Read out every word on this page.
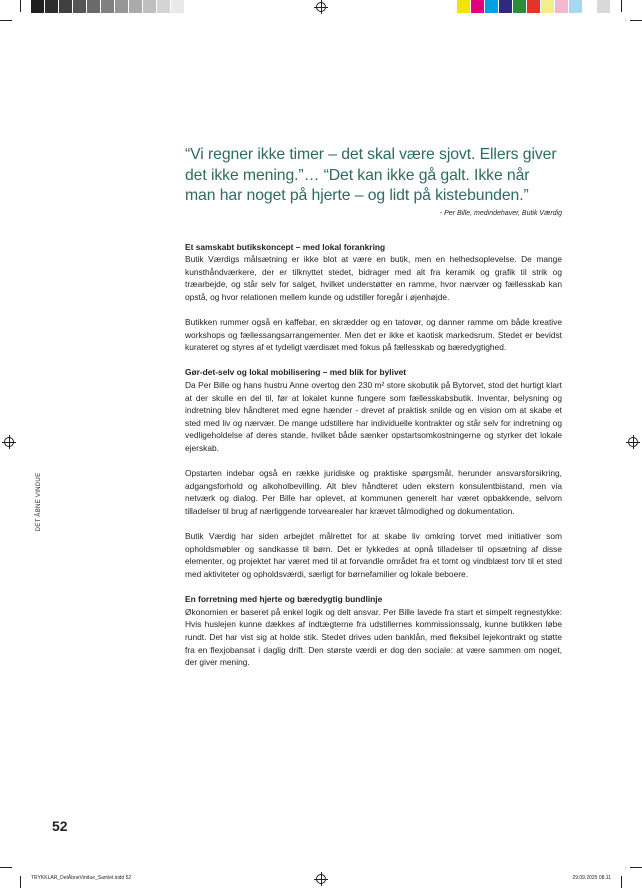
TRYKKLAR_DetÅbneVindue_Samlet.indd 52	29.09.2025 08.11
DET ÅBNE VINDUE
52

“Vi regner ikke timer – det skal være sjovt. Ellers giver det ikke mening.”… “Det kan ikke gå galt. Ikke når man har noget på hjerte – og lidt på kistebunden.”

- Per Bille, medindehaver, Butik Værdig

Et samskabt butikskoncept – med lokal forankring

Butik Værdigs målsætning er ikke blot at være en butik, men en helhedsoplevelse. De mange kunsthåndværkere, der er tilknyttet stedet, bidrager med alt fra keramik og grafik til strik og træarbejde, og står selv for salget, hvilket understøtter en ramme, hvor nærvær og fællesskab kan opstå, og hvor relationen mellem kunde og udstiller foregår i øjenhøjde.

Butikken rummer også en kaffebar, en skrædder og en tatovør, og danner ramme om både kreative workshops og fællessangsarrangementer. Men det er ikke et kaotisk markedsrum. Stedet er bevidst kurateret og styres af et tydeligt værdisæt med fokus på fællesskab og bæredygtighed.

Gør-det-selv og lokal mobilisering – med blik for bylivet

Da Per Bille og hans hustru Anne overtog den 230 m² store skobutik på Bytorvet, stod det hurtigt klart at der skulle en del til, før at lokalet kunne fungere som fællesskabsbutik. Inventar, belysning og indretning blev håndteret med egne hænder - drevet af praktisk snilde og en vision om at skabe et sted med liv og nærvær. De mange udstillere har individuelle kontrakter og står selv for indretning og vedligeholdelse af deres stande, hvilket både sænker opstartsomkostningerne og styrker det lokale ejerskab.

Opstarten indebar også en række juridiske og praktiske spørgsmål, herunder ansvarsforsikring, adgangsforhold og alkoholbevilling. Alt blev håndteret uden ekstern konsulentbistand, men via netværk og dialog. Per Bille har oplevet, at kommunen generelt har været opbakkende, selvom tilladelser til brug af nærliggende torvearealer har krævet tålmodighed og dokumentation.

Butik Værdig har siden arbejdet målrettet for at skabe liv omkring torvet med initiativer som opholdsmøbler og sandkasse til børn. Det er lykkedes at opnå tilladelser til opsætning af disse elementer, og projektet har været med til at forvandle området fra et tomt og vindblæst torv til et sted med aktiviteter og opholdsværdi, særligt for børnefamilier og lokale beboere.

En forretning med hjerte og bæredygtig bundlinje

Økonomien er baseret på enkel logik og delt ansvar. Per Bille lavede fra start et simpelt regnestykke: Hvis huslejen kunne dækkes af indtægterne fra udstillernes kommissionssalg, kunne butikken løbe rundt. Det har vist sig at holde stik. Stedet drives uden banklån, med fleksibel lejekontrakt og støtte fra en flexjobansat i daglig drift. Den største værdi er dog den sociale: at være sammen om noget, der giver mening.
